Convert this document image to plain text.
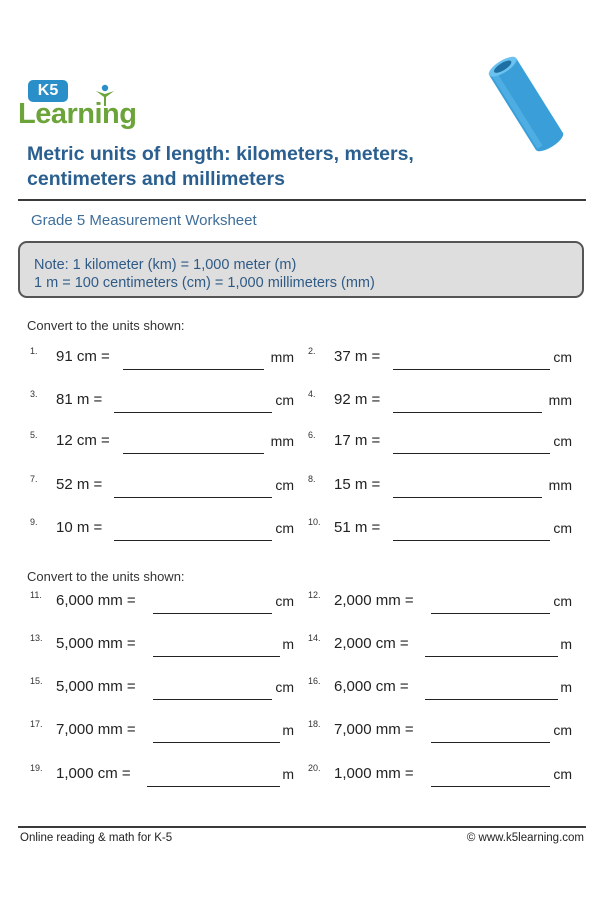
K5
Learning
Metric units of length: kilometers, meters,
centimeters and millimeters
Grade 5 Measurement Worksheet
Note: 1 kilometer (km) = 1,000 meter (m)
1 m = 100 centimeters (cm) = 1,000 millimeters (mm)
Convert to the units shown:
1. 91 cm =	mm 2. 37 m =	cm
3. 81 m =	cm 4. 92 m =	mm
5. 12 cm =	mm 6. 17 m =	cm
7. 52 m =	cm 8. 15 m =	mm
9. 10 m =	cm 10. 51 m =	cm
Convert to the units shown:
11. 6,000 mm =	cm 12. 2,000 mm =	cm
13. 5,000 mm =	m 14. 2,000 cm =	m
15. 5,000 mm =	cm 16. 6,000 cm =	m
17. 7,000 mm =	m 18. 7,000 mm =	cm
19. 1,000 cm =	m 20. 1,000 mm =	cm
Online reading & math for K-5	© www.k5learning.com
